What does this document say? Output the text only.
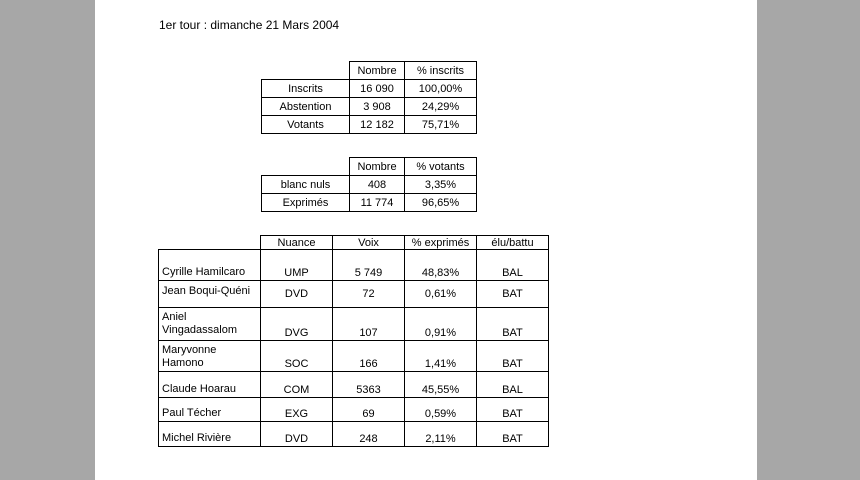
1er tour : dimanche 21 Mars 2004
	Nombre	% inscrits
Inscrits	16 090	100,00%
Abstention	3 908	24,29%
Votants	12 182	75,71%
	Nombre	% votants
blanc nuls	408	3,35%
Exprimés	11 774	96,65%
	Nuance	Voix	% exprimés	élu/battu
Cyrille Hamilcaro	UMP	5 749	48,83%	BAL
Jean Boqui-Quéni	DVD	72	0,61%	BAT
Aniel Vingadassalom	DVG	107	0,91%	BAT
Maryvonne Hamono	SOC	166	1,41%	BAT
Claude Hoarau	COM	5363	45,55%	BAL
Paul Técher	EXG	69	0,59%	BAT
Michel Rivière	DVD	248	2,11%	BAT
